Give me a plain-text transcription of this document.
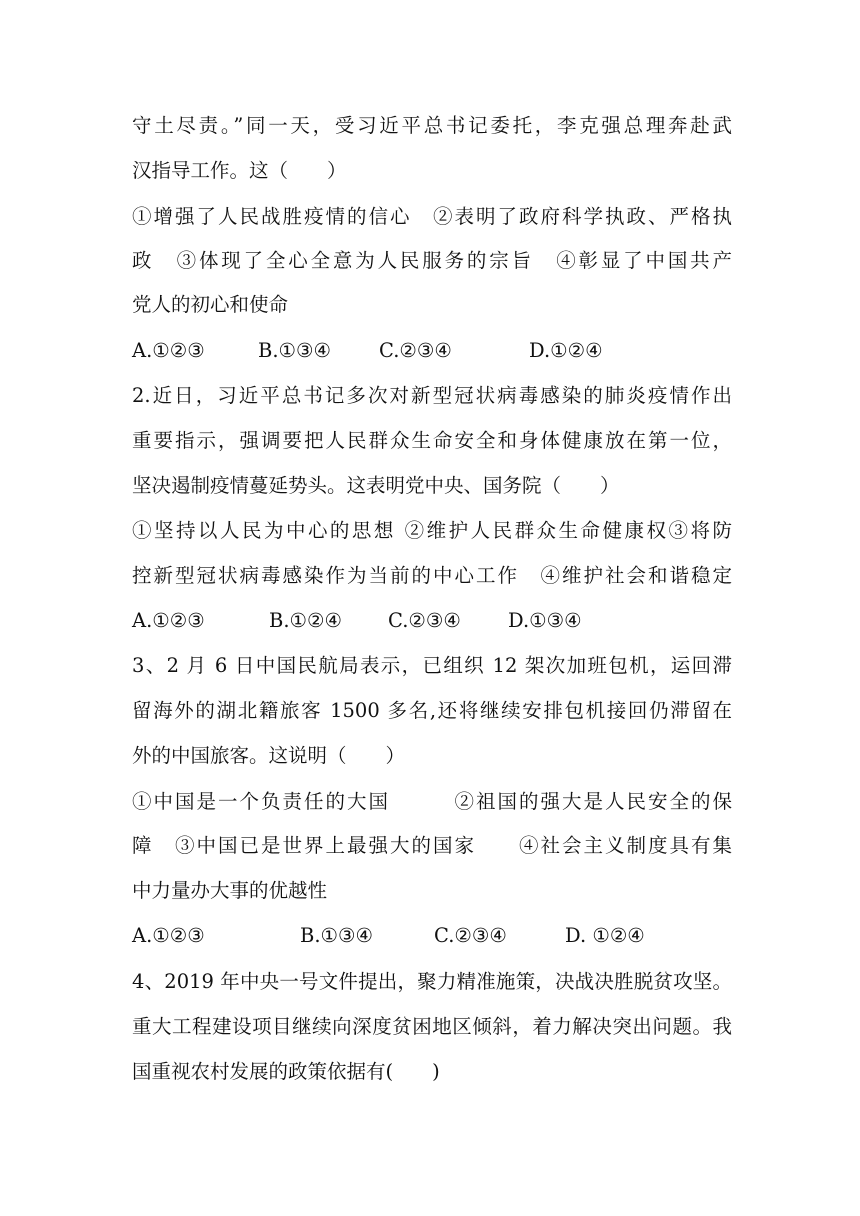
守土尽责。”同一天，受习近平总书记委托，李克强总理奔赴武
汉指导工作。这（　　）
①增强了人民战胜疫情的信心　②表明了政府科学执政、严格执
政　③体现了全心全意为人民服务的宗旨　④彰显了中国共产
党人的初心和使命
A.①②③	B.①③④ C.②③④	D.①②④
2.近日，习近平总书记多次对新型冠状病毒感染的肺炎疫情作出
重要指示，强调要把人民群众生命安全和身体健康放在第一位，
坚决遏制疫情蔓延势头。这表明党中央、国务院（　　）
①坚持以人民为中心的思想 ②维护人民群众生命健康权③将防
控新型冠状病毒感染作为当前的中心工作　④维护社会和谐稳定
A.①②③	B.①②④ C.②③④ D.①③④
3、2 月 6 日中国民航局表示，已组织 12 架次加班包机，运回滞
留海外的湖北籍旅客 1500 多名,还将继续安排包机接回仍滞留在
外的中国旅客。这说明（　　）
①中国是一个负责任的大国　　　②祖国的强大是人民安全的保
障　③中国已是世界上最强大的国家　　④社会主义制度具有集
中力量办大事的优越性
A.①②③	B.①③④	C.②③④	D. ①②④
4、2019 年中央一号文件提出，聚力精准施策，决战决胜脱贫攻坚。
重大工程建设项目继续向深度贫困地区倾斜，着力解决突出问题。我
国重视农村发展的政策依据有(　　)
